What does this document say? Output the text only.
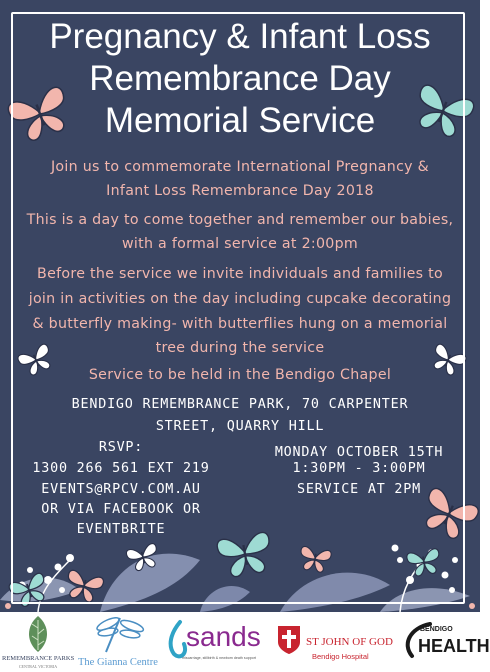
Pregnancy & Infant Loss
Remembrance Day
Memorial Service
Join us to commemorate International Pregnancy &
Infant Loss Remembrance Day 2018
This is a day to come together and remember our babies,
with a formal service at 2:00pm
Before the service we invite individuals and families to
join in activities on the day including cupcake decorating
& butterfly making- with butterflies hung on a memorial
tree during the service
Service to be held in the Bendigo Chapel
BENDIGO REMEMBRANCE PARK, 70 CARPENTER
STREET, QUARRY HILL
RSVP:
1300 266 561 EXT 219
EVENTS@RPCV.COM.AU
OR VIA FACEBOOK OR
EVENTBRITE
MONDAY OCTOBER 15TH
1:30PM - 3:00PM
SERVICE AT 2PM
REMEMBRANCE PARKS
CENTRAL VICTORIA	The Gianna Centre
sands
miscarriage, stillbirth & newborn death support
ST JOHN OF GOD
Bendigo Hospital
BENDIGO
HEALTH
